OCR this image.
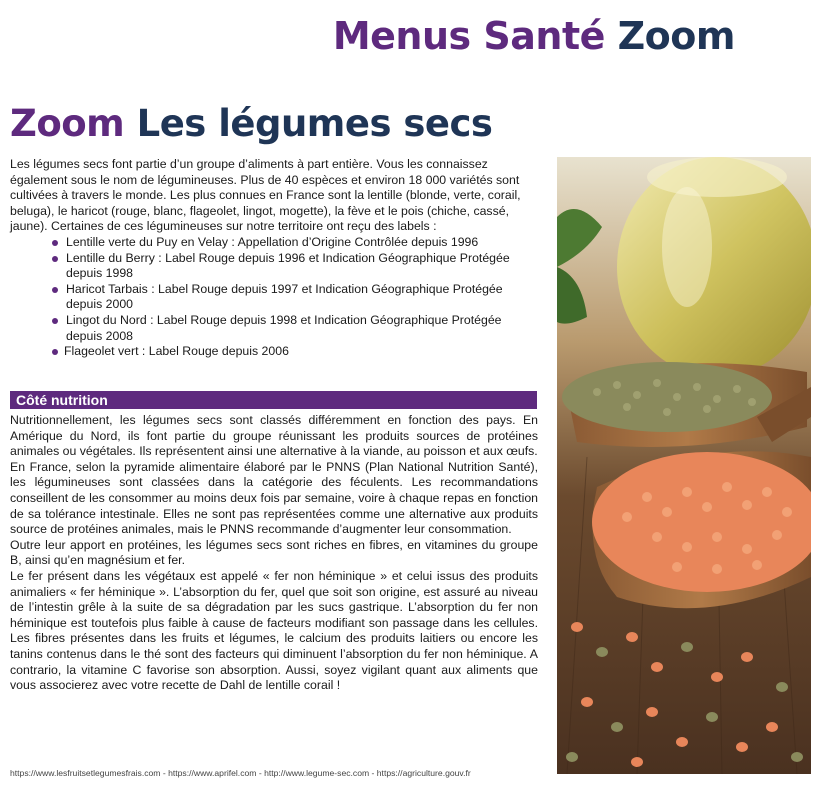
Menus Santé Zoom
Zoom Les légumes secs

Les légumes secs font partie d’un groupe d’aliments à part entière. Vous les connaissez également sous le nom de légumineuses. Plus de 40 espèces et environ 18 000 variétés sont cultivées à travers le monde. Les plus connues en France sont la lentille (blonde, verte, corail, beluga), le haricot (rouge, blanc, flageolet, lingot, mogette), la fève et le pois (chiche, cassé, jaune). Certaines de ces légumineuses sur notre territoire ont reçu des labels :

Lentille verte du Puy en Velay : Appellation d’Origine Contrôlée depuis 1996
Lentille du Berry : Label Rouge depuis 1996 et Indication Géographique Protégée depuis 1998
Haricot Tarbais : Label Rouge depuis 1997 et Indication Géographique Protégée depuis 2000
Lingot du Nord : Label Rouge depuis 1998 et Indication Géographique Protégée depuis 2008
Flageolet vert : Label Rouge depuis 2006
Côté nutrition

Nutritionnellement, les légumes secs sont classés différemment en fonction des pays. En Amérique du Nord, ils font partie du groupe réunissant les produits sources de protéines animales ou végétales. Ils représentent ainsi une alternative à la viande, au poisson et aux œufs.

En France, selon la pyramide alimentaire élaboré par le PNNS (Plan National Nutrition Santé), les légumineuses sont classées dans la catégorie des féculents. Les recommandations conseillent de les consommer au moins deux fois par semaine, voire à chaque repas en fonction de sa tolérance intestinale. Elles ne sont pas représentées comme une alternative aux produits source de protéines animales, mais le PNNS recommande d’augmenter leur consommation.

Outre leur apport en protéines, les légumes secs sont riches en fibres, en vitamines du groupe B, ainsi qu’en magnésium et fer.

Le fer présent dans les végétaux est appelé « fer non héminique » et celui issus des produits animaliers « fer héminique ». L’absorption du fer, quel que soit son origine, est assuré au niveau de l’intestin grêle à la suite de sa dégradation par les sucs gastrique. L’absorption du fer non héminique est toutefois plus faible à cause de facteurs modifiant son passage dans les cellules. Les fibres présentes dans les fruits et légumes, le calcium des produits laitiers ou encore les tanins contenus dans le thé sont des facteurs qui diminuent l’absorption du fer non héminique. A contrario, la vitamine C favorise son absorption. Aussi, soyez vigilant quant aux aliments que vous associerez avec votre recette de Dahl de lentille corail !

https://www.lesfruitsetlegumesfrais.com - https://www.aprifel.com - http://www.legume-sec.com - https://agriculture.gouv.fr
